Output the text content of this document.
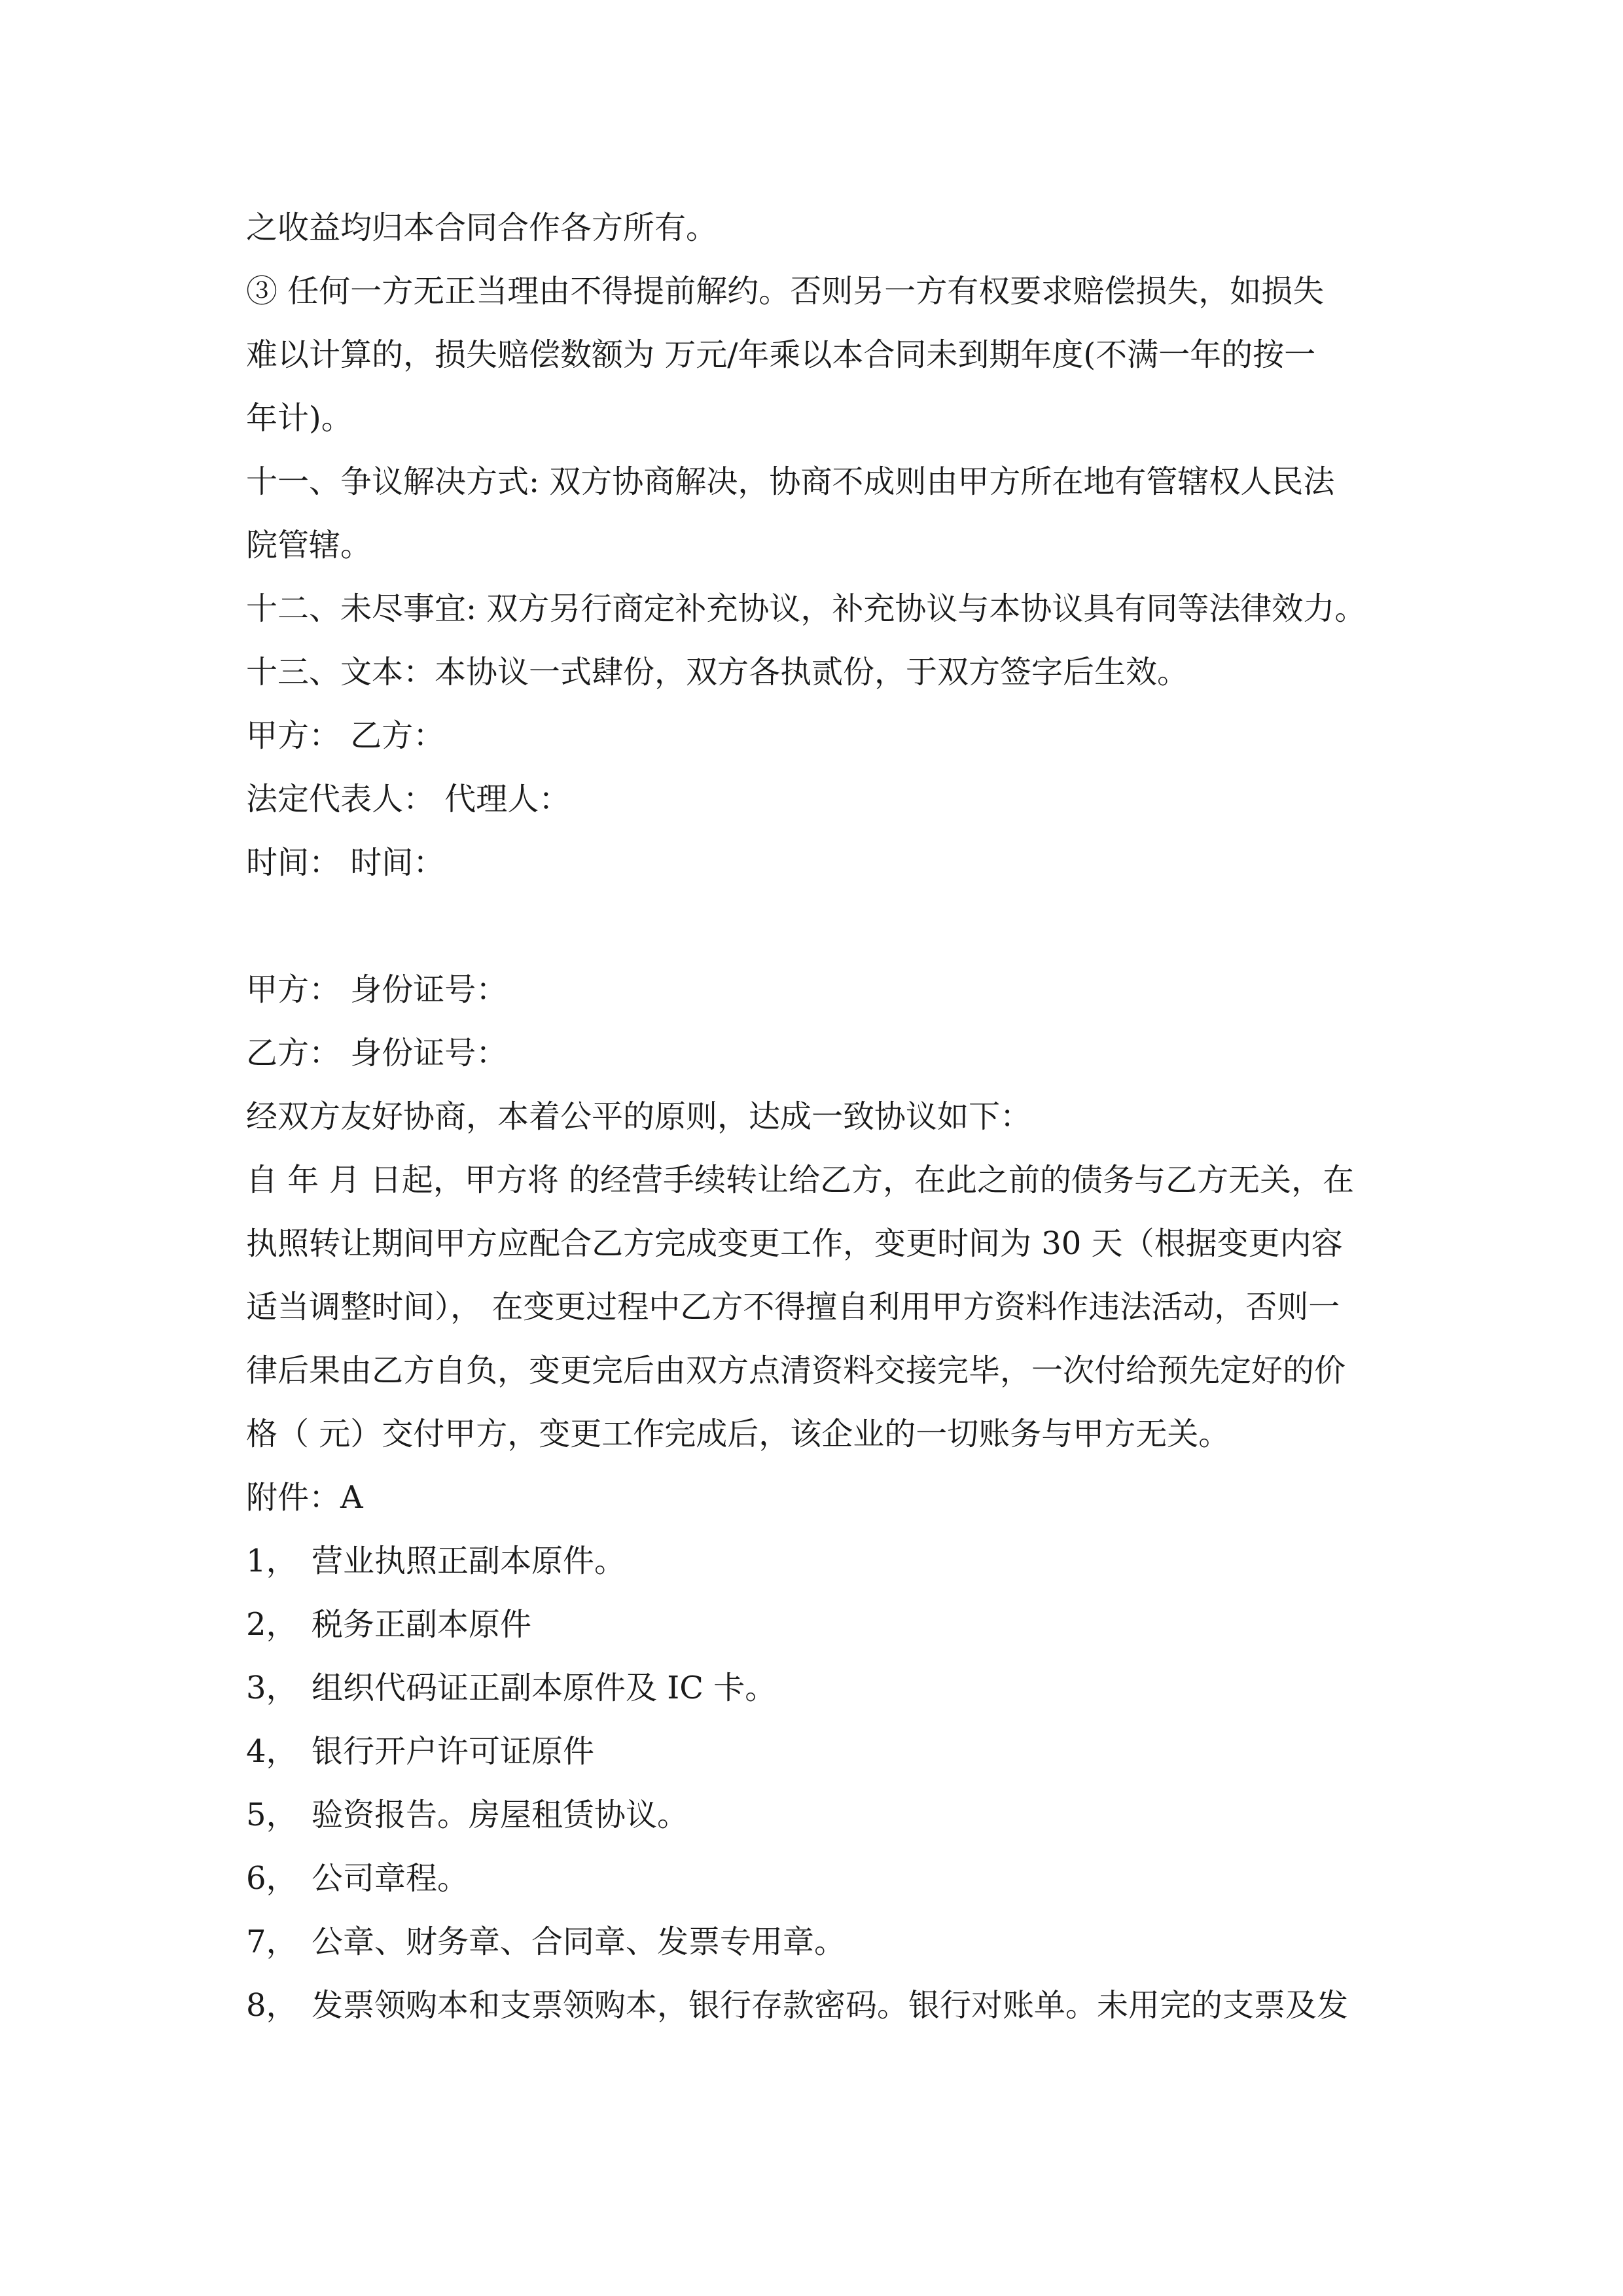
之收益均归本合同合作各方所有。
③ 任何一方无正当理由不得提前解约。否则另一方有权要求赔偿损失，如损失
难以计算的，损失赔偿数额为 万元/年乘以本合同未到期年度(不满一年的按一
年计)。
十一、争议解决方式: 双方协商解决，协商不成则由甲方所在地有管辖权人民法
院管辖。
十二、未尽事宜: 双方另行商定补充协议，补充协议与本协议具有同等法律效力。
十三、文本：本协议一式肆份，双方各执贰份，于双方签字后生效。
甲方： 乙方：
法定代表人： 代理人：
时间： 时间：
甲方： 身份证号：
乙方： 身份证号：
经双方友好协商，本着公平的原则，达成一致协议如下：
自 年 月 日起，甲方将 的经营手续转让给乙方，在此之前的债务与乙方无关，在
执照转让期间甲方应配合乙方完成变更工作，变更时间为 30 天（根据变更内容
适当调整时间）， 在变更过程中乙方不得擅自利用甲方资料作违法活动，否则一
律后果由乙方自负，变更完后由双方点清资料交接完毕，一次付给预先定好的价
格（ 元）交付甲方，变更工作完成后，该企业的一切账务与甲方无关。
附件：A
1， 营业执照正副本原件。
2， 税务正副本原件
3， 组织代码证正副本原件及 IC 卡。
4， 银行开户许可证原件
5， 验资报告。房屋租赁协议。
6， 公司章程。
7， 公章、财务章、合同章、发票专用章。
8， 发票领购本和支票领购本，银行存款密码。银行对账单。未用完的支票及发
